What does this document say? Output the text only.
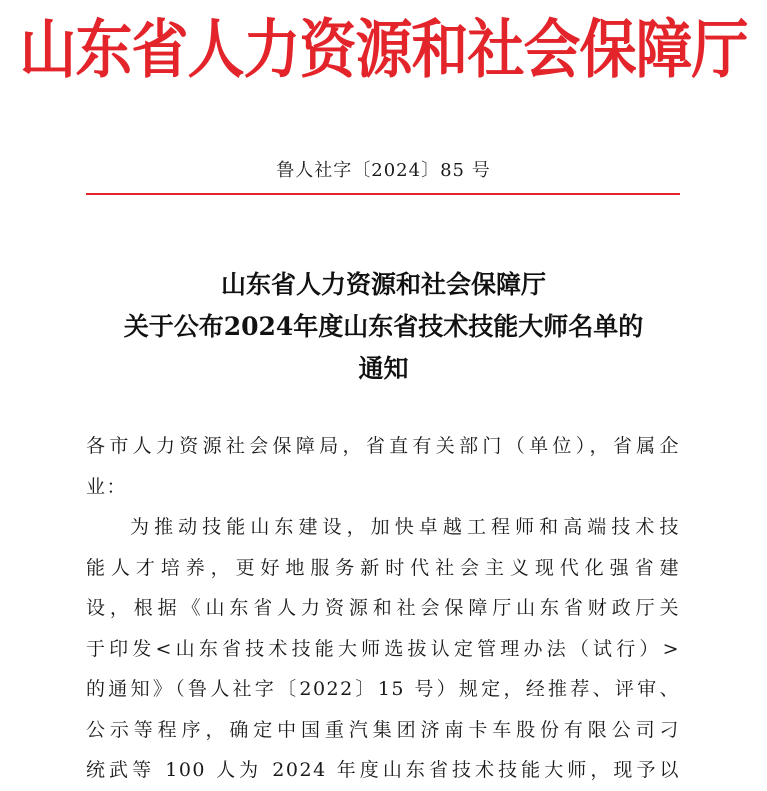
山东省人力资源和社会保障厅
鲁人社字〔2024〕85 号
山东省人力资源和社会保障厅
关于公布2024年度山东省技术技能大师名单的
通知
各市人力资源社会保障局，省直有关部门（单位），省属企
业：
为推动技能山东建设，加快卓越工程师和高端技术技
能人才培养，更好地服务新时代社会主义现代化强省建
设，根据《山东省人力资源和社会保障厅山东省财政厅关
于印发<山东省技术技能大师选拔认定管理办法（试行）>
的通知》（鲁人社字〔2022〕15 号）规定，经推荐、评审、
公示等程序，确定中国重汽集团济南卡车股份有限公司刁
统武等 100 人为 2024 年度山东省技术技能大师，现予以
